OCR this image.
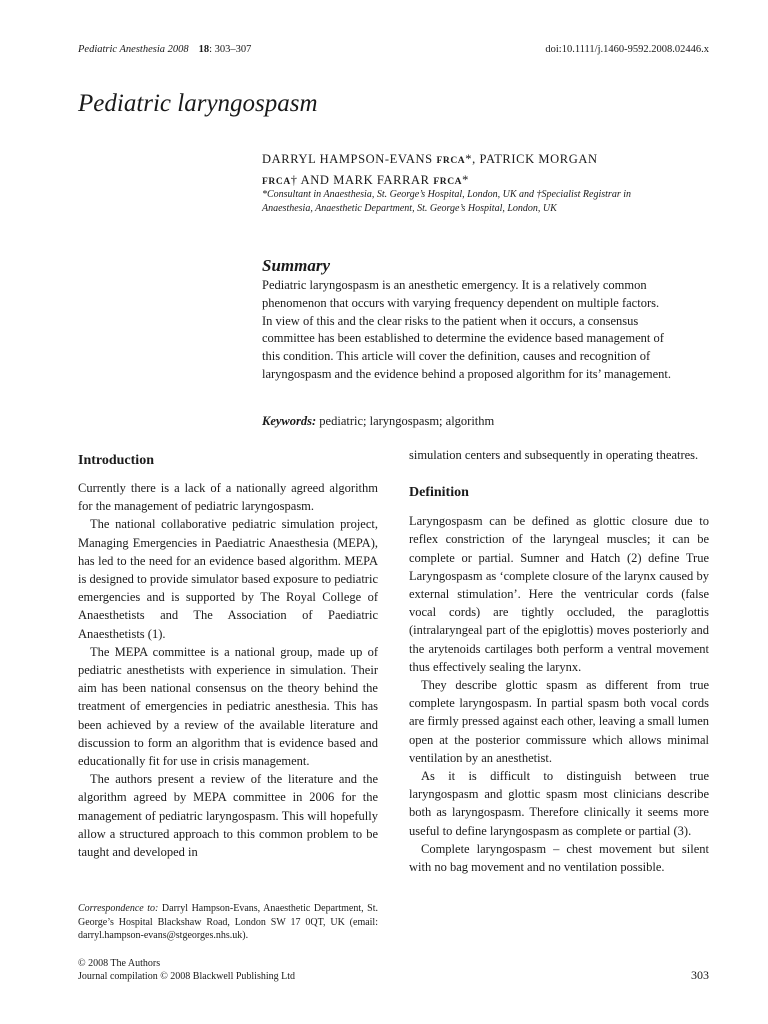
Pediatric Anesthesia 2008 18: 303–307	doi:10.1111/j.1460-9592.2008.02446.x
Pediatric laryngospasm
DARRYL HAMPSON-EVANS FRCA*, PATRICK MORGAN
FRCA† AND MARK FARRAR FRCA*
*Consultant in Anaesthesia, St. George’s Hospital, London, UK and †Specialist Registrar in Anaesthesia, Anaesthetic Department, St. George’s Hospital, London, UK
Summary
Pediatric laryngospasm is an anesthetic emergency. It is a relatively common phenomenon that occurs with varying frequency dependent on multiple factors. In view of this and the clear risks to the patient when it occurs, a consensus committee has been established to determine the evidence based management of this condition. This article will cover the definition, causes and recognition of laryngospasm and the evidence behind a proposed algorithm for its’ management.
Keywords: pediatric; laryngospasm; algorithm
Introduction

Currently there is a lack of a nationally agreed algorithm for the management of pediatric laryngospasm.

The national collaborative pediatric simulation project, Managing Emergencies in Paediatric Anaesthesia (MEPA), has led to the need for an evidence based algorithm. MEPA is designed to provide simulator based exposure to pediatric emergencies and is supported by The Royal College of Anaesthetists and The Association of Paediatric Anaesthetists (1).

The MEPA committee is a national group, made up of pediatric anesthetists with experience in simulation. Their aim has been national consensus on the theory behind the treatment of emergencies in pediatric anesthesia. This has been achieved by a review of the available literature and discussion to form an algorithm that is evidence based and educationally fit for use in crisis management.

The authors present a review of the literature and the algorithm agreed by MEPA committee in 2006 for the management of pediatric laryngospasm. This will hopefully allow a structured approach to this common problem to be taught and developed in

simulation centers and subsequently in operating theatres.

Definition

Laryngospasm can be defined as glottic closure due to reflex constriction of the laryngeal muscles; it can be complete or partial. Sumner and Hatch (2) define True Laryngospasm as ‘complete closure of the larynx caused by external stimulation’. Here the ventricular cords (false vocal cords) are tightly occluded, the paraglottis (intralaryngeal part of the epiglottis) moves posteriorly and the arytenoids cartilages both perform a ventral movement thus effectively sealing the larynx.

They describe glottic spasm as different from true complete laryngospasm. In partial spasm both vocal cords are firmly pressed against each other, leaving a small lumen open at the posterior commissure which allows minimal ventilation by an anesthetist.

As it is difficult to distinguish between true laryngospasm and glottic spasm most clinicians describe both as laryngospasm. Therefore clinically it seems more useful to define laryngospasm as complete or partial (3).

Complete laryngospasm – chest movement but silent with no bag movement and no ventilation possible.

Correspondence to: Darryl Hampson-Evans, Anaesthetic Department, St. George’s Hospital Blackshaw Road, London SW 17 0QT, UK (email: darryl.hampson-evans@stgeorges.nhs.uk).
© 2008 The Authors
Journal compilation © 2008 Blackwell Publishing Ltd	303
